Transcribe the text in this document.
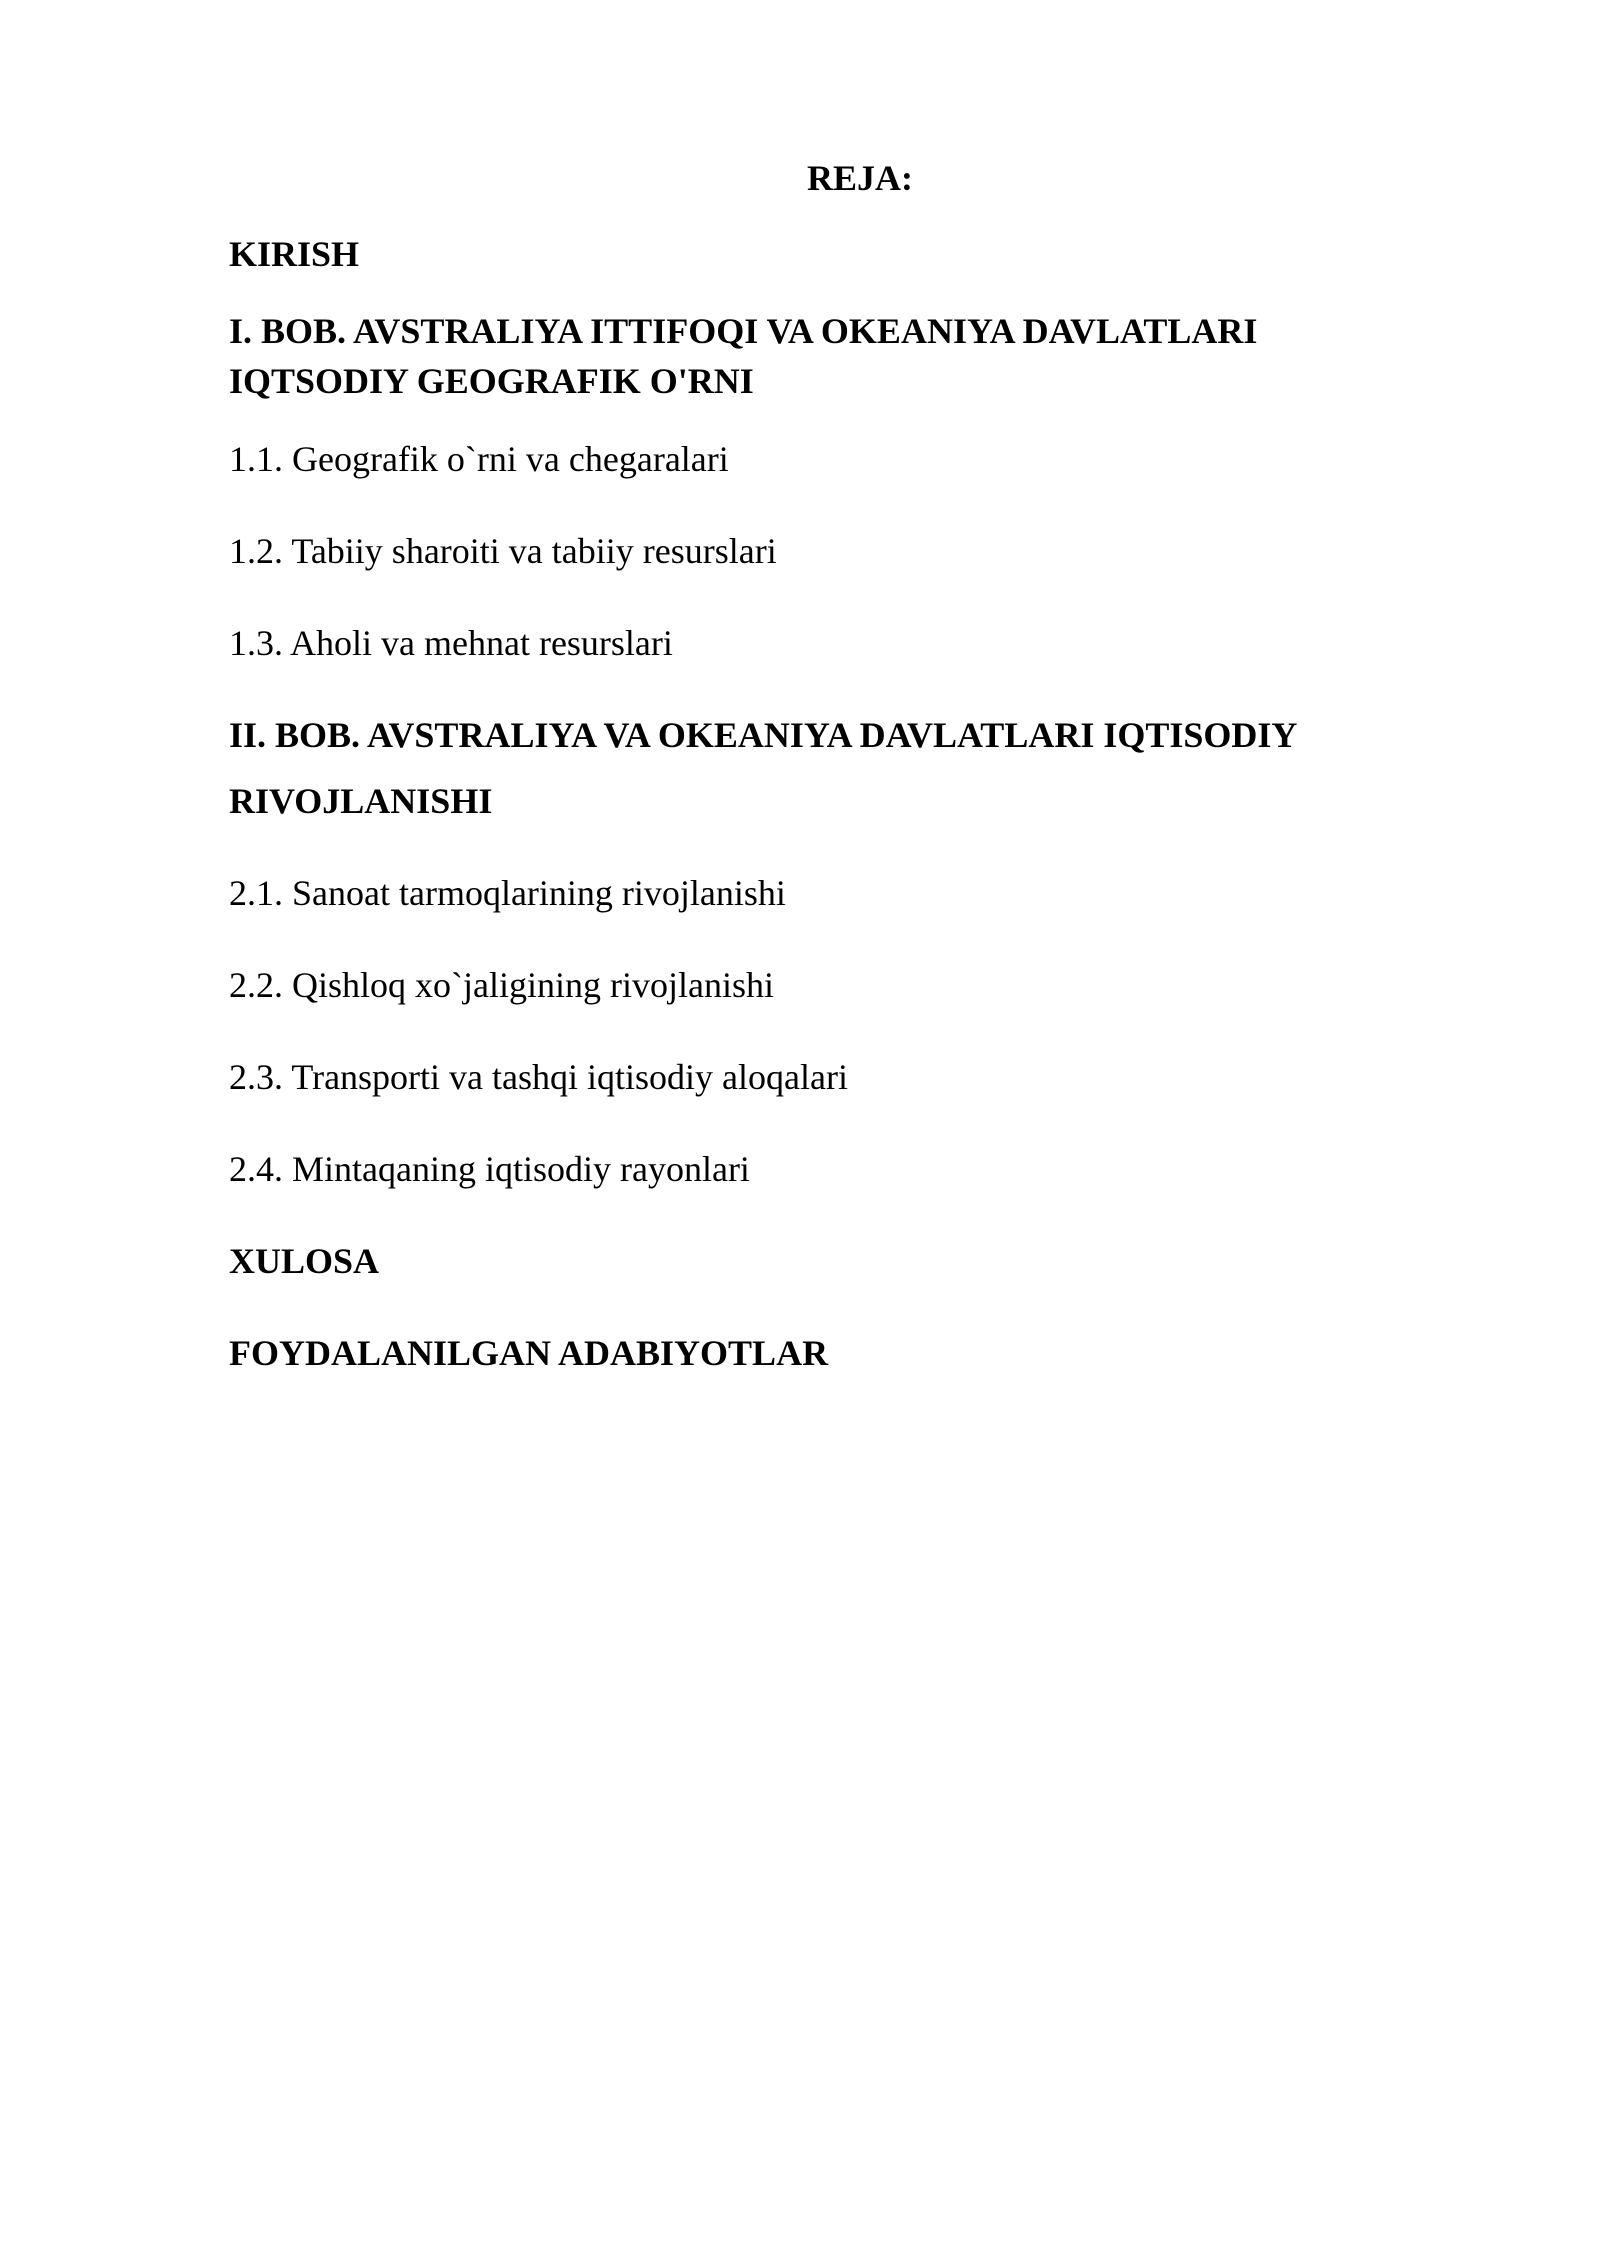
REJA:
KIRISH
I. BOB. AVSTRALIYA ITTIFOQI VA OKEANIYA DAVLATLARI
IQTSODIY GEOGRAFIK O'RNI
1.1. Geografik o`rni va chegaralari
1.2. Tabiiy sharoiti va tabiiy resurslari
1.3. Aholi va mehnat resurslari
II. BOB. AVSTRALIYA VA OKEANIYA DAVLATLARI IQTISODIY
RIVOJLANISHI
2.1. Sanoat tarmoqlarining rivojlanishi
2.2. Qishloq xo`jaligining rivojlanishi
2.3. Transporti va tashqi iqtisodiy aloqalari
2.4. Mintaqaning iqtisodiy rayonlari
XULOSA
FOYDALANILGAN ADABIYOTLAR
